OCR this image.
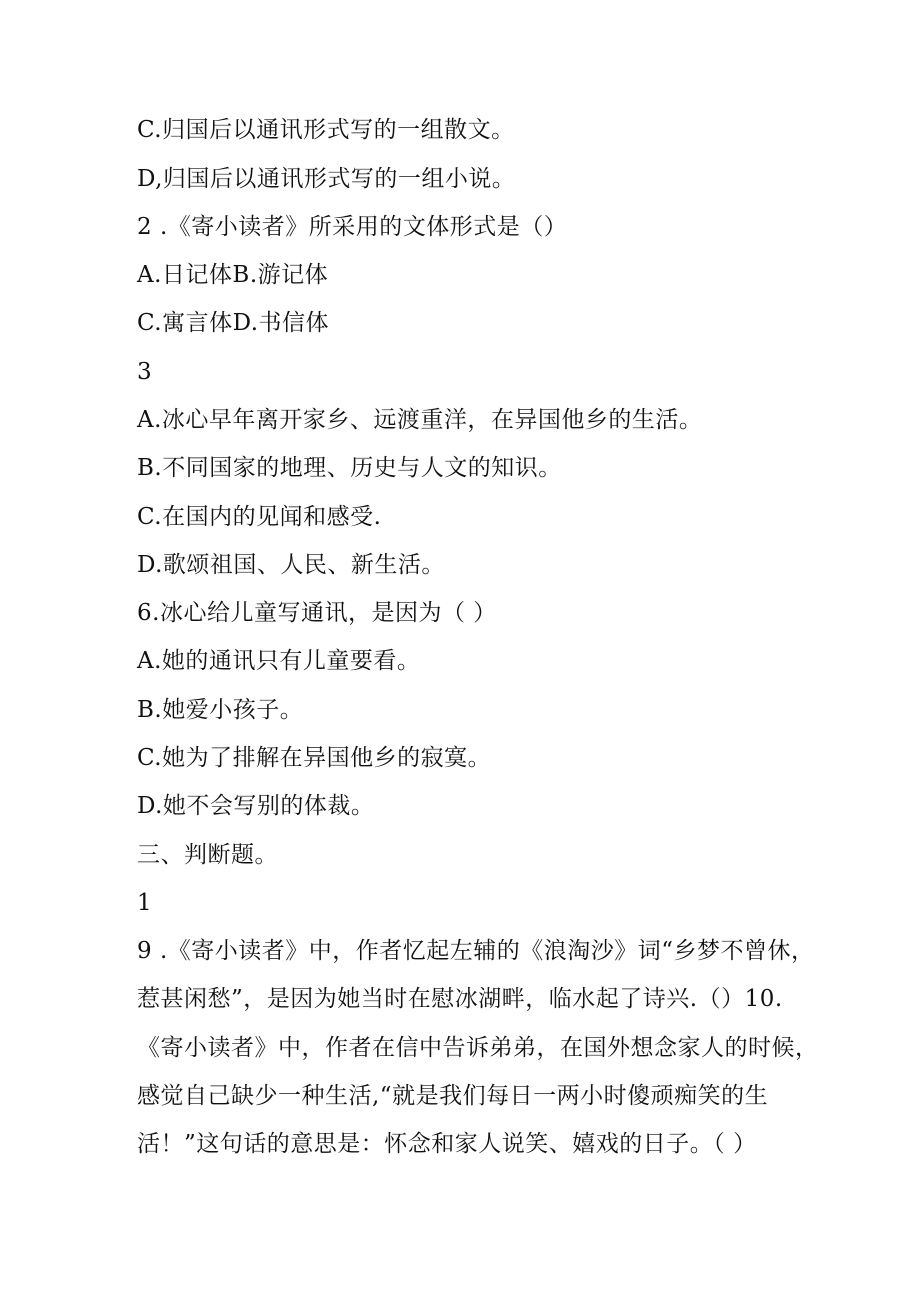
C.归国后以通讯形式写的一组散文。
D,归国后以通讯形式写的一组小说。
2 .《寄小读者》所采用的文体形式是（）
A.日记体B.游记体
C.寓言体D.书信体
3
A.冰心早年离开家乡、远渡重洋，在异国他乡的生活。
B.不同国家的地理、历史与人文的知识。
C.在国内的见闻和感受.
D.歌颂祖国、人民、新生活。
6.冰心给儿童写通讯，是因为（ ）
A.她的通讯只有儿童要看。
B.她爱小孩子。
C.她为了排解在异国他乡的寂寞。
D.她不会写别的体裁。
三、判断题。
1
9 .《寄小读者》中，作者忆起左辅的《浪淘沙》词“乡梦不曾休，
惹甚闲愁”，是因为她当时在慰冰湖畔，临水起了诗兴.（）10.
《寄小读者》中，作者在信中告诉弟弟，在国外想念家人的时候，
感觉自己缺少一种生活,“就是我们每日一两小时傻顽痴笑的生
活！”这句话的意思是：怀念和家人说笑、嬉戏的日子。（ ）
